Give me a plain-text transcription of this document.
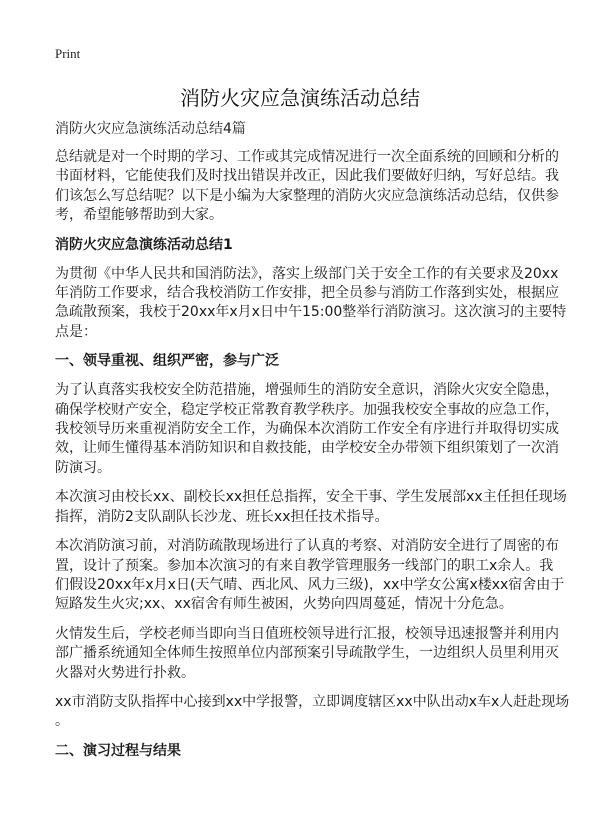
Print
消防火灾应急演练活动总结
消防火灾应急演练活动总结4篇
总结就是对一个时期的学习、工作或其完成情况进行一次全面系统的回顾和分析的
书面材料，它能使我们及时找出错误并改正，因此我们要做好归纳，写好总结。我
们该怎么写总结呢？以下是小编为大家整理的消防火灾应急演练活动总结，仅供参
考，希望能够帮助到大家。
消防火灾应急演练活动总结1
为贯彻《中华人民共和国消防法》，落实上级部门关于安全工作的有关要求及20xx
年消防工作要求，结合我校消防工作安排，把全员参与消防工作落到实处，根据应
急疏散预案，我校于20xx年x月x日中午15:00整举行消防演习。这次演习的主要特
点是：
一、领导重视、组织严密，参与广泛
为了认真落实我校安全防范措施，增强师生的消防安全意识，消除火灾安全隐患，
确保学校财产安全，稳定学校正常教育教学秩序。加强我校安全事故的应急工作，
我校领导历来重视消防安全工作，为确保本次消防工作安全有序进行并取得切实成
效，让师生懂得基本消防知识和自救技能，由学校安全办带领下组织策划了一次消
防演习。
本次演习由校长xx、副校长xx担任总指挥，安全干事、学生发展部xx主任担任现场
指挥，消防2支队副队长沙龙、班长xx担任技术指导。
本次消防演习前，对消防疏散现场进行了认真的考察、对消防安全进行了周密的布
置，设计了预案。参加本次演习的有来自教学管理服务一线部门的职工x余人。我
们假设20xx年x月x日(天气晴、西北风、风力三级)，xx中学女公寓x楼xx宿舍由于
短路发生火灾;xx、xx宿舍有师生被困，火势向四周蔓延，情况十分危急。
火情发生后，学校老师当即向当日值班校领导进行汇报，校领导迅速报警并利用内
部广播系统通知全体师生按照单位内部预案引导疏散学生，一边组织人员里利用灭
火器对火势进行扑救。
xx市消防支队指挥中心接到xx中学报警，立即调度辖区xx中队出动x车x人赶赴现场
。
二、演习过程与结果
